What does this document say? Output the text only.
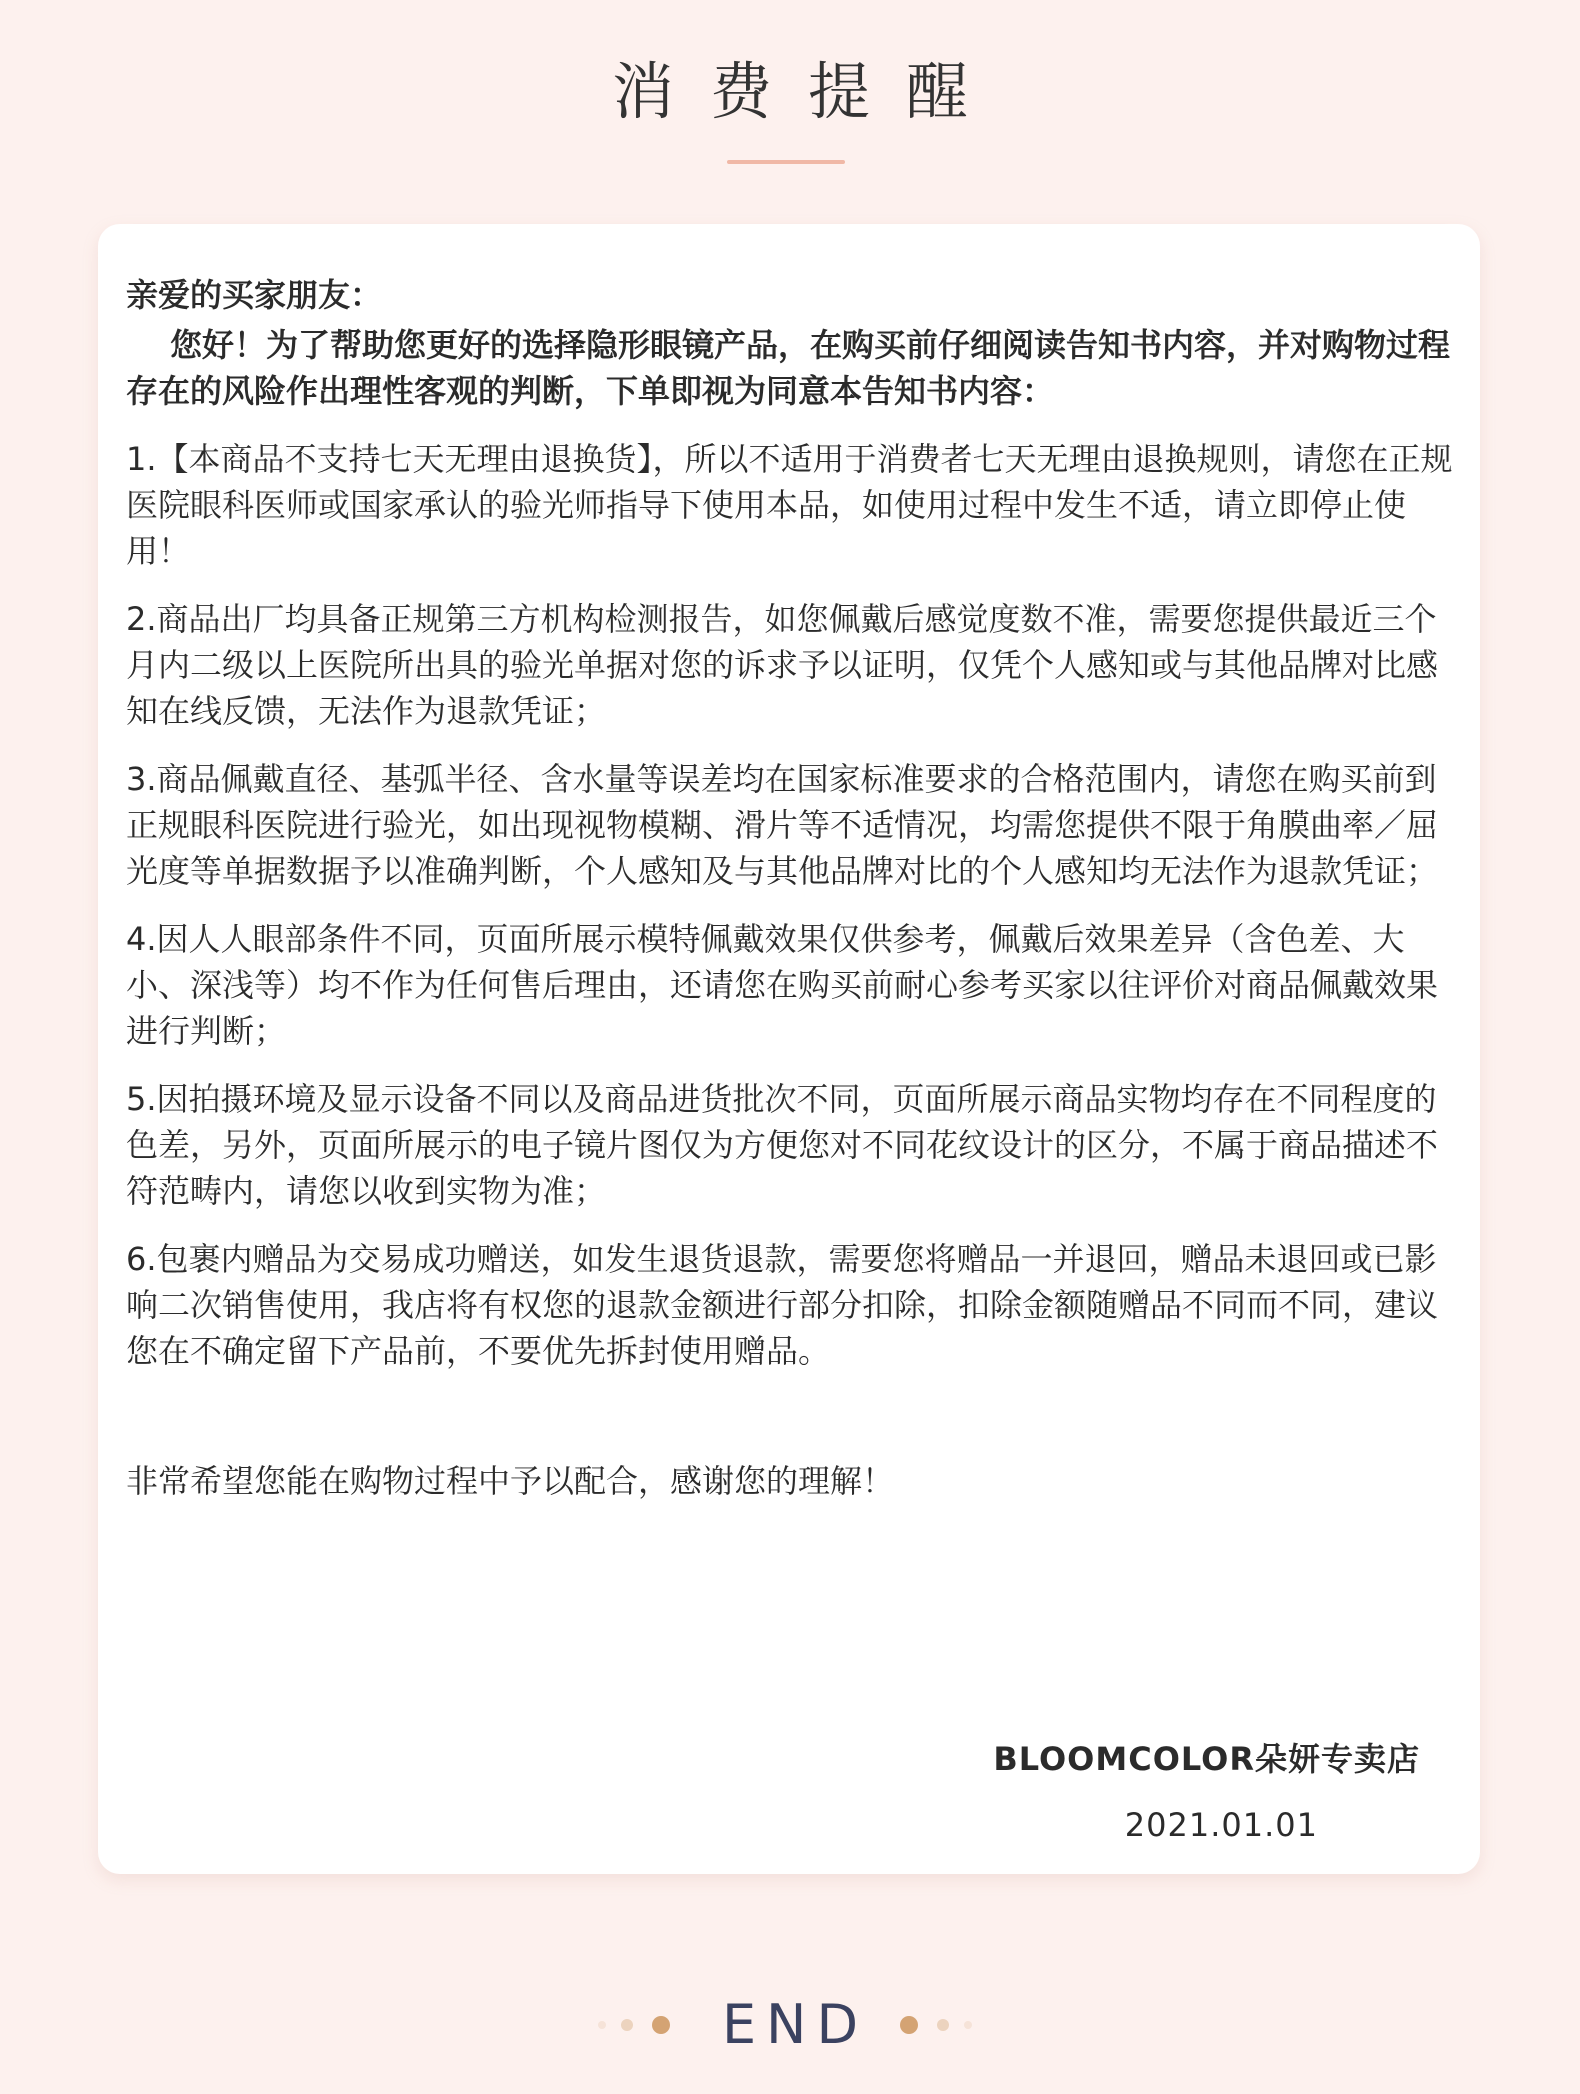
消费提醒
亲爱的买家朋友：
您好！为了帮助您更好的选择隐形眼镜产品，在购买前仔细阅读告知书内容，并对购物过程存在的风险作出理性客观的判断，下单即视为同意本告知书内容：
1.【本商品不支持七天无理由退换货】，所以不适用于消费者七天无理由退换规则，请您在正规医院眼科医师或国家承认的验光师指导下使用本品，如使用过程中发生不适，请立即停止使用！
2.商品出厂均具备正规第三方机构检测报告，如您佩戴后感觉度数不准，需要您提供最近三个月内二级以上医院所出具的验光单据对您的诉求予以证明，仅凭个人感知或与其他品牌对比感知在线反馈，无法作为退款凭证；
3.商品佩戴直径、基弧半径、含水量等误差均在国家标准要求的合格范围内，请您在购买前到正规眼科医院进行验光，如出现视物模糊、滑片等不适情况，均需您提供不限于角膜曲率／屈光度等单据数据予以准确判断，个人感知及与其他品牌对比的个人感知均无法作为退款凭证；
4.因人人眼部条件不同，页面所展示模特佩戴效果仅供参考，佩戴后效果差异（含色差、大小、深浅等）均不作为任何售后理由，还请您在购买前耐心参考买家以往评价对商品佩戴效果进行判断；
5.因拍摄环境及显示设备不同以及商品进货批次不同，页面所展示商品实物均存在不同程度的色差，另外，页面所展示的电子镜片图仅为方便您对不同花纹设计的区分，不属于商品描述不符范畴内，请您以收到实物为准；
6.包裹内赠品为交易成功赠送，如发生退货退款，需要您将赠品一并退回，赠品未退回或已影响二次销售使用，我店将有权您的退款金额进行部分扣除，扣除金额随赠品不同而不同，建议您在不确定留下产品前，不要优先拆封使用赠品。
非常希望您能在购物过程中予以配合，感谢您的理解！
BLOOMCOLOR朵妍专卖店
2021.01.01
END
